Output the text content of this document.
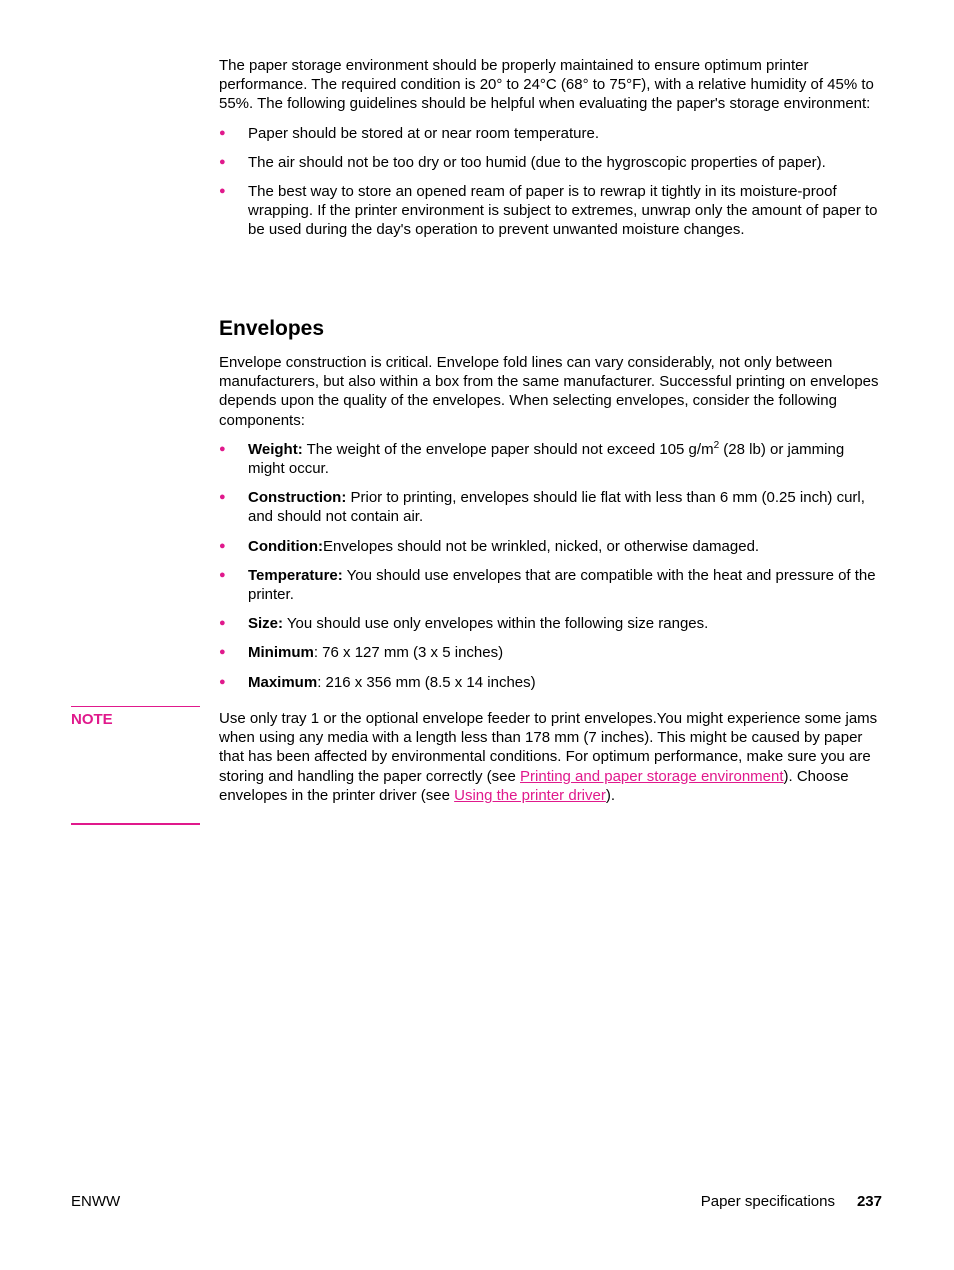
The paper storage environment should be properly maintained to ensure optimum printer performance. The required condition is 20° to 24°C (68° to 75°F), with a relative humidity of 45% to 55%. The following guidelines should be helpful when evaluating the paper's storage environment:

● Paper should be stored at or near room temperature.
● The air should not be too dry or too humid (due to the hygroscopic properties of paper).
● The best way to store an opened ream of paper is to rewrap it tightly in its moisture-proof wrapping. If the printer environment is subject to extremes, unwrap only the amount of paper to be used during the day's operation to prevent unwanted moisture changes.
Envelopes

Envelope construction is critical. Envelope fold lines can vary considerably, not only between manufacturers, but also within a box from the same manufacturer. Successful printing on envelopes depends upon the quality of the envelopes. When selecting envelopes, consider the following components:

● Weight: The weight of the envelope paper should not exceed 105 $g/m^2$ (28 lb) or jamming might occur.
● Construction: Prior to printing, envelopes should lie flat with less than 6 mm (0.25 inch) curl, and should not contain air.
● Condition:Envelopes should not be wrinkled, nicked, or otherwise damaged.
● Temperature: You should use envelopes that are compatible with the heat and pressure of the printer.
● Size: You should use only envelopes within the following size ranges.
● Minimum: 76 x 127 mm (3 x 5 inches)
● Maximum: 216 x 356 mm (8.5 x 14 inches)
NOTE	Use only tray 1 or the optional envelope feeder to print envelopes.You might experience some jams when using any media with a length less than 178 mm (7 inches). This might be caused by paper that has been affected by environmental conditions. For optimum performance, make sure you are storing and handling the paper correctly (see Printing and paper storage environment). Choose envelopes in the printer driver (see Using the printer driver).

ENWW	Paper specifications 237
